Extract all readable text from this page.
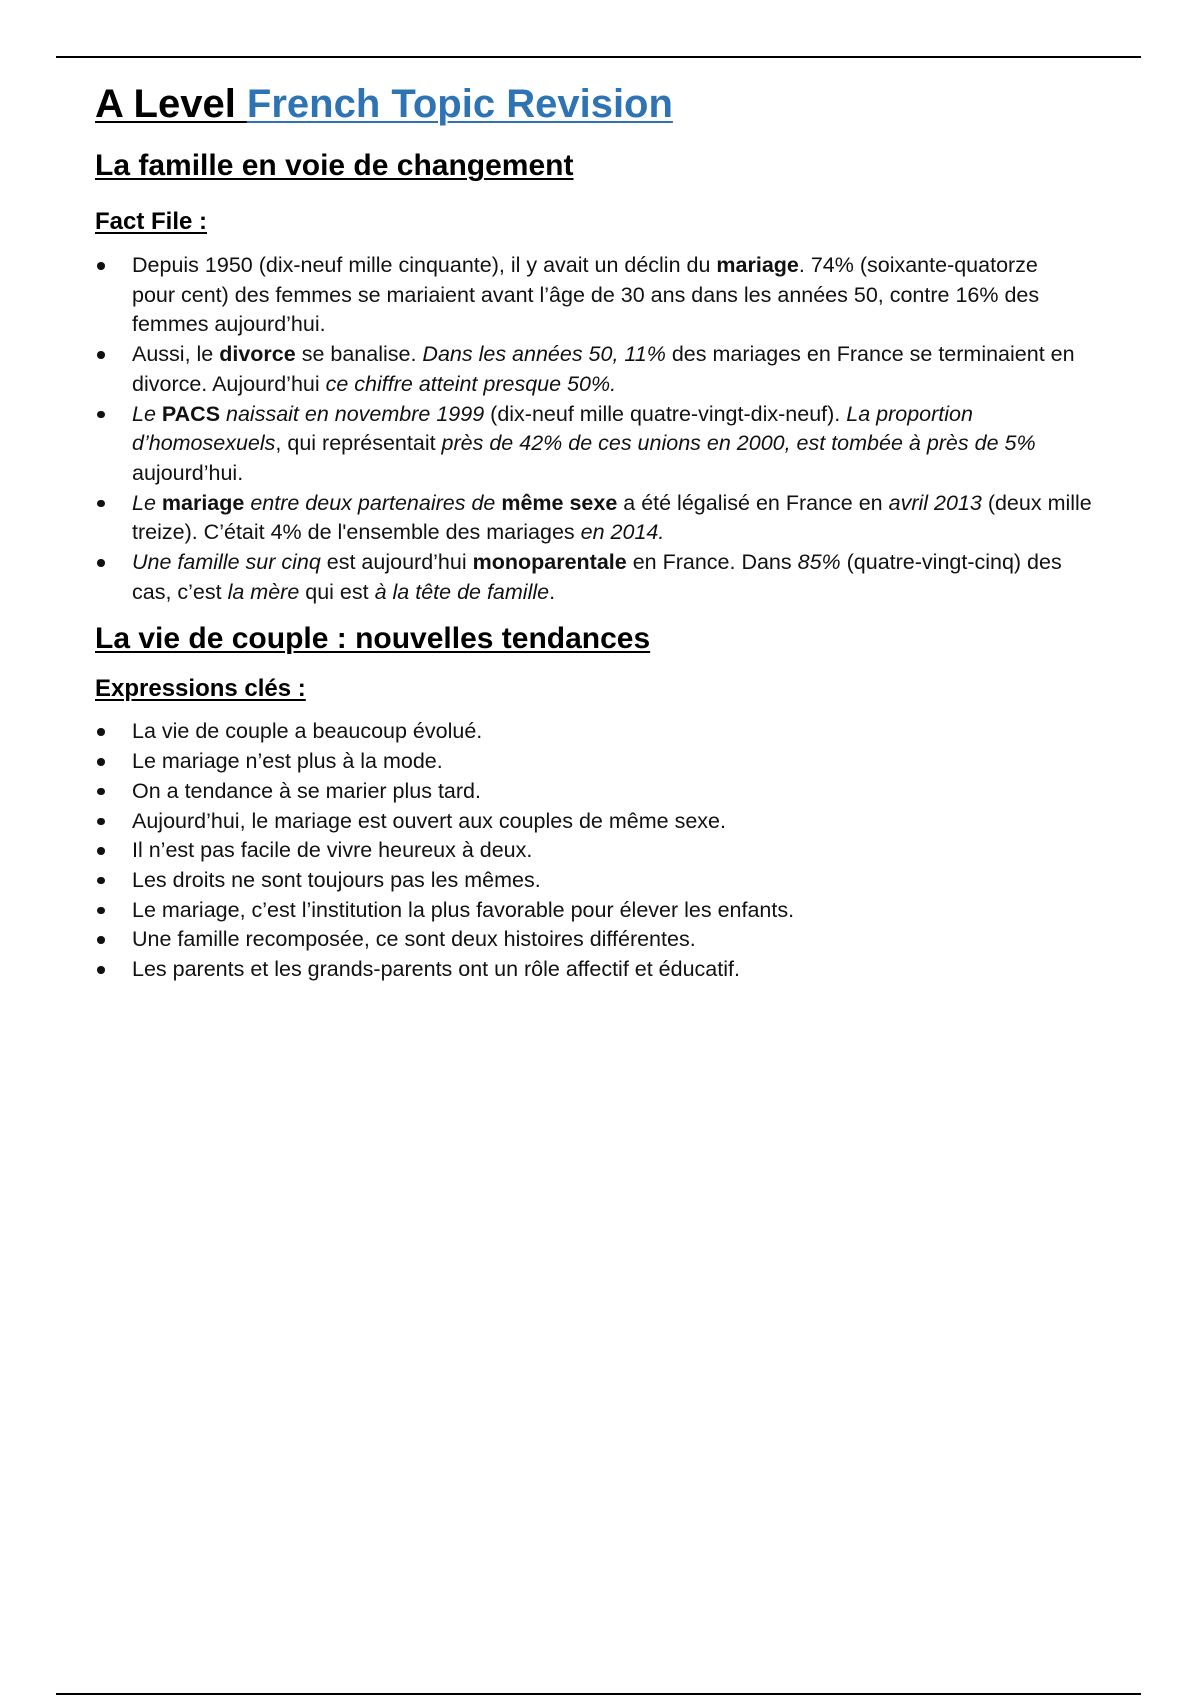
A Level French Topic Revision
La famille en voie de changement
Fact File :
Depuis 1950 (dix-neuf mille cinquante), il y avait un déclin du mariage. 74% (soixante-quatorze
pour cent) des femmes se mariaient avant l’âge de 30 ans dans les années 50, contre 16% des
femmes aujourd’hui.
Aussi, le divorce se banalise. Dans les années 50, 11% des mariages en France se terminaient en
divorce. Aujourd’hui ce chiffre atteint presque 50%.
Le PACS naissait en novembre 1999 (dix-neuf mille quatre-vingt-dix-neuf). La proportion
d’homosexuels, qui représentait près de 42% de ces unions en 2000, est tombée à près de 5%
aujourd’hui.
Le mariage entre deux partenaires de même sexe a été légalisé en France en avril 2013 (deux mille
treize). C’était 4% de l'ensemble des mariages en 2014.
Une famille sur cinq est aujourd’hui monoparentale en France. Dans 85% (quatre-vingt-cinq) des
cas, c’est la mère qui est à la tête de famille.
La vie de couple : nouvelles tendances
Expressions clés :
La vie de couple a beaucoup évolué.
Le mariage n’est plus à la mode.
On a tendance à se marier plus tard.
Aujourd’hui, le mariage est ouvert aux couples de même sexe.
Il n’est pas facile de vivre heureux à deux.
Les droits ne sont toujours pas les mêmes.
Le mariage, c’est l’institution la plus favorable pour élever les enfants.
Une famille recomposée, ce sont deux histoires différentes.
Les parents et les grands-parents ont un rôle affectif et éducatif.
